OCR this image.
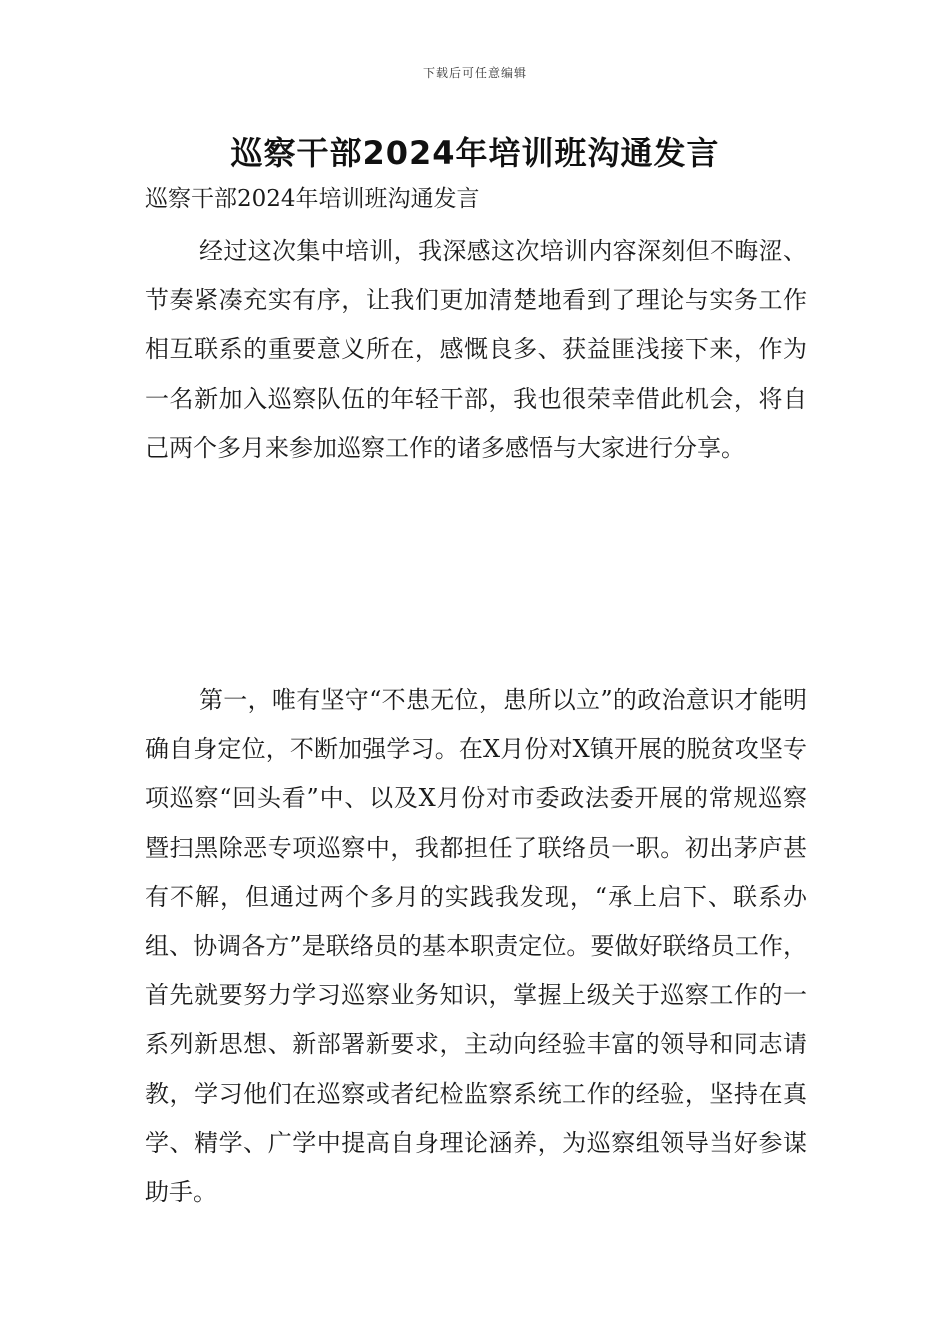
下载后可任意编辑
巡察干部2024年培训班沟通发言
巡察干部2024年培训班沟通发言

经过这次集中培训，我深感这次培训内容深刻但不晦涩、节奏紧凑充实有序，让我们更加清楚地看到了理论与实务工作相互联系的重要意义所在，感慨良多、获益匪浅接下来，作为一名新加入巡察队伍的年轻干部，我也很荣幸借此机会，将自己两个多月来参加巡察工作的诸多感悟与大家进行分享。

第一，唯有坚守“不患无位，患所以立”的政治意识才能明确自身定位，不断加强学习。在X月份对X镇开展的脱贫攻坚专项巡察“回头看”中、以及X月份对市委政法委开展的常规巡察暨扫黑除恶专项巡察中，我都担任了联络员一职。初出茅庐甚有不解，但通过两个多月的实践我发现，“承上启下、联系办组、协调各方”是联络员的基本职责定位。要做好联络员工作，首先就要努力学习巡察业务知识，掌握上级关于巡察工作的一系列新思想、新部署新要求，主动向经验丰富的领导和同志请教，学习他们在巡察或者纪检监察系统工作的经验，坚持在真学、精学、广学中提高自身理论涵养，为巡察组领导当好参谋助手。
